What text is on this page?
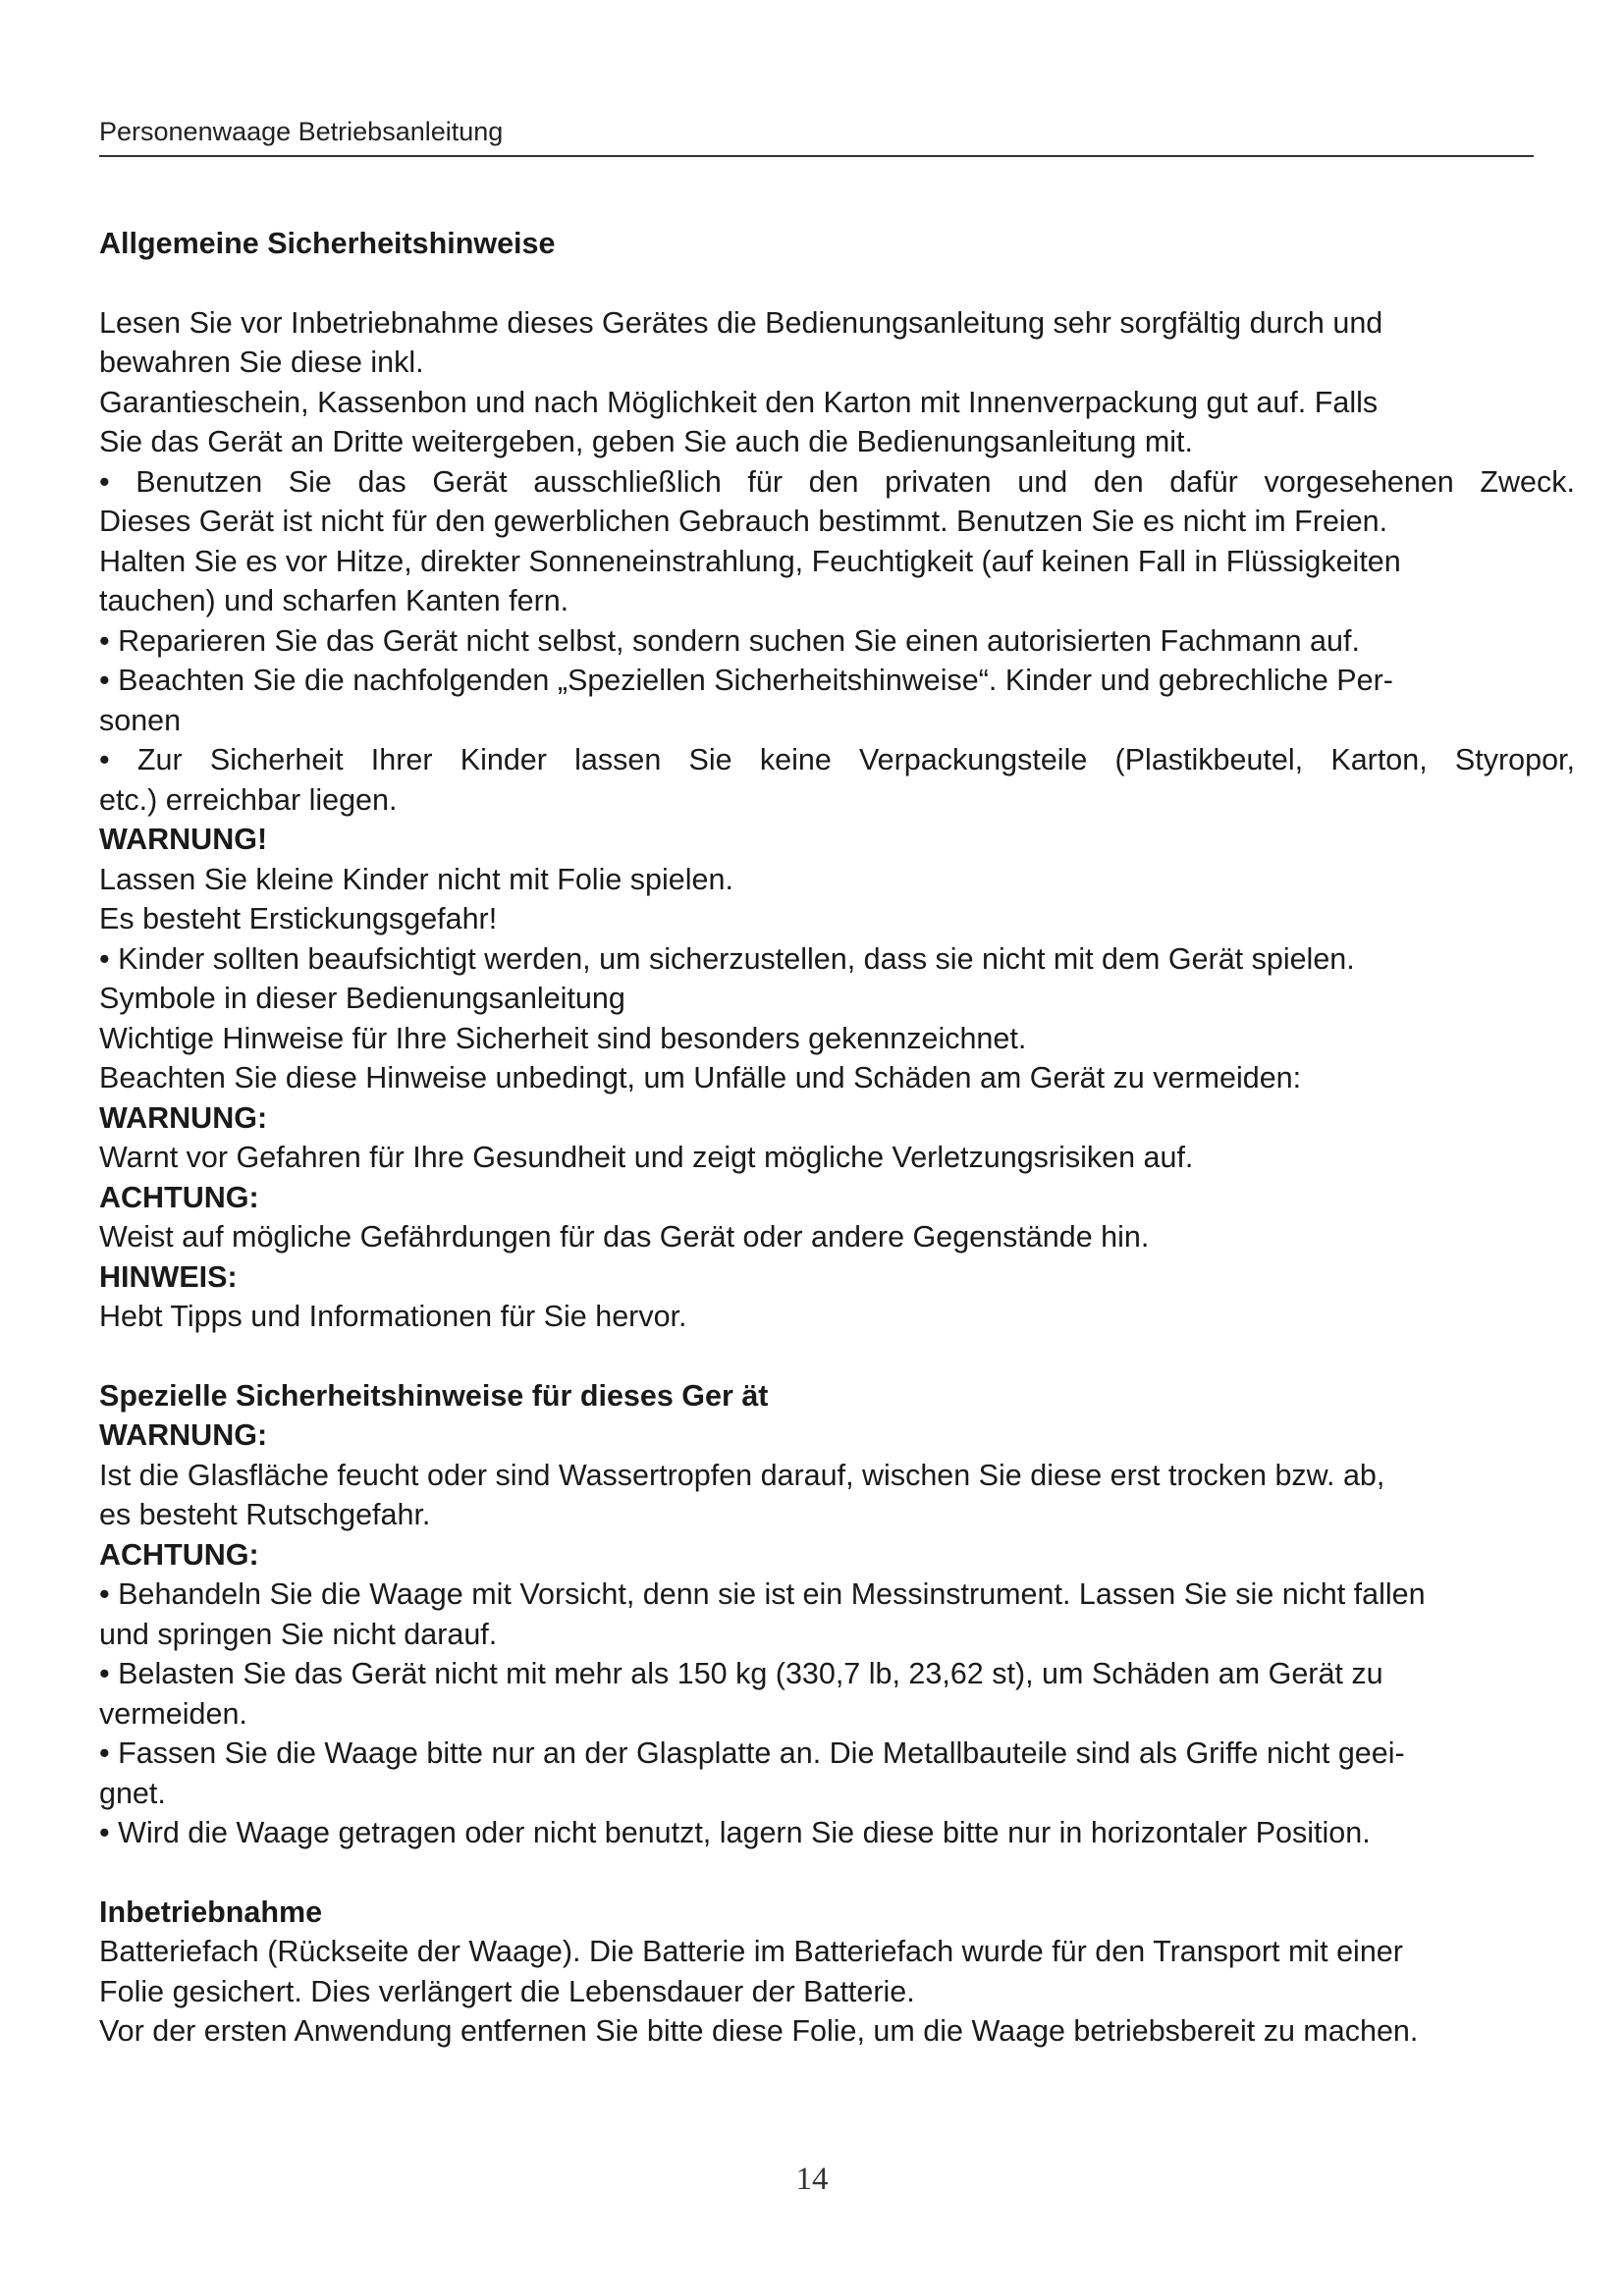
Personenwaage Betriebsanleitung
Allgemeine Sicherheitshinweise
Lesen Sie vor Inbetriebnahme dieses Gerätes die Bedienungsanleitung sehr sorgfältig durch und
bewahren Sie diese inkl.
Garantieschein, Kassenbon und nach Möglichkeit den Karton mit Innenverpackung gut auf. Falls
Sie das Gerät an Dritte weitergeben, geben Sie auch die Bedienungsanleitung mit.
• Benutzen Sie das Gerät ausschließlich für den privaten und den dafür vorgesehenen Zweck.
Dieses Gerät ist nicht für den gewerblichen Gebrauch bestimmt. Benutzen Sie es nicht im Freien.
Halten Sie es vor Hitze, direkter Sonneneinstrahlung, Feuchtigkeit (auf keinen Fall in Flüssigkeiten
tauchen) und scharfen Kanten fern.
• Reparieren Sie das Gerät nicht selbst, sondern suchen Sie einen autorisierten Fachmann auf.
• Beachten Sie die nachfolgenden „Speziellen Sicherheitshinweise“. Kinder und gebrechliche Per-
sonen
• Zur Sicherheit Ihrer Kinder lassen Sie keine Verpackungsteile (Plastikbeutel, Karton, Styropor,
etc.) erreichbar liegen.
WARNUNG!
Lassen Sie kleine Kinder nicht mit Folie spielen.
Es besteht Erstickungsgefahr!
• Kinder sollten beaufsichtigt werden, um sicherzustellen, dass sie nicht mit dem Gerät spielen.
Symbole in dieser Bedienungsanleitung
Wichtige Hinweise für Ihre Sicherheit sind besonders gekennzeichnet.
Beachten Sie diese Hinweise unbedingt, um Unfälle und Schäden am Gerät zu vermeiden:
WARNUNG:
Warnt vor Gefahren für Ihre Gesundheit und zeigt mögliche Verletzungsrisiken auf.
ACHTUNG:
Weist auf mögliche Gefährdungen für das Gerät oder andere Gegenstände hin.
HINWEIS:
Hebt Tipps und Informationen für Sie hervor.
Spezielle Sicherheitshinweise für dieses Ger ät
WARNUNG:
Ist die Glasfläche feucht oder sind Wassertropfen darauf, wischen Sie diese erst trocken bzw. ab,
es besteht Rutschgefahr.
ACHTUNG:
• Behandeln Sie die Waage mit Vorsicht, denn sie ist ein Messinstrument. Lassen Sie sie nicht fallen
und springen Sie nicht darauf.
• Belasten Sie das Gerät nicht mit mehr als 150 kg (330,7 lb, 23,62 st), um Schäden am Gerät zu
vermeiden.
• Fassen Sie die Waage bitte nur an der Glasplatte an. Die Metallbauteile sind als Griffe nicht geei-
gnet.
• Wird die Waage getragen oder nicht benutzt, lagern Sie diese bitte nur in horizontaler Position.
Inbetriebnahme
Batteriefach (Rückseite der Waage). Die Batterie im Batteriefach wurde für den Transport mit einer
Folie gesichert. Dies verlängert die Lebensdauer der Batterie.
Vor der ersten Anwendung entfernen Sie bitte diese Folie, um die Waage betriebsbereit zu machen.
14
